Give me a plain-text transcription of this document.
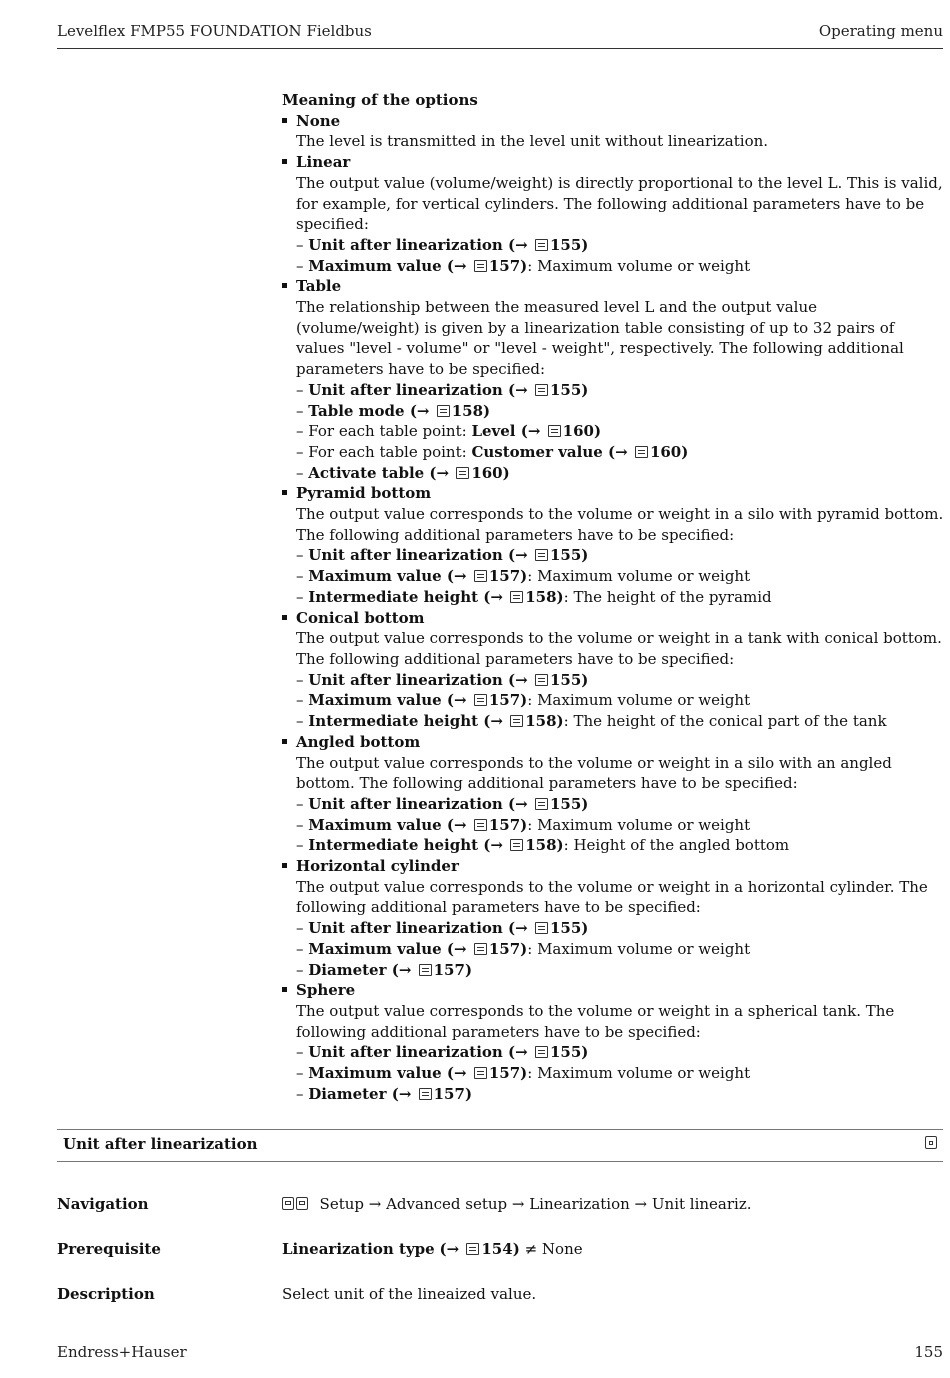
Levelflex FMP55 FOUNDATION Fieldbus	Operating menu
Meaning of the options
None
The level is transmitted in the level unit without linearization.
Linear
The output value (volume/weight) is directly proportional to the level L. This is valid, for example, for vertical cylinders. The following additional parameters have to be specified:
– Unit after linearization (→ 155)
– Maximum value (→ 157): Maximum volume or weight
Table
The relationship between the measured level L and the output value (volume/weight) is given by a linearization table consisting of up to 32 pairs of values "level - volume" or "level - weight", respectively. The following additional parameters have to be specified:
– Unit after linearization (→ 155)
– Table mode (→ 158)
– For each table point: Level (→ 160)
– For each table point: Customer value (→ 160)
– Activate table (→ 160)
Pyramid bottom
The output value corresponds to the volume or weight in a silo with pyramid bottom. The following additional parameters have to be specified:
– Unit after linearization (→ 155)
– Maximum value (→ 157): Maximum volume or weight
– Intermediate height (→ 158): The height of the pyramid
Conical bottom
The output value corresponds to the volume or weight in a tank with conical bottom. The following additional parameters have to be specified:
– Unit after linearization (→ 155)
– Maximum value (→ 157): Maximum volume or weight
– Intermediate height (→ 158): The height of the conical part of the tank
Angled bottom
The output value corresponds to the volume or weight in a silo with an angled bottom. The following additional parameters have to be specified:
– Unit after linearization (→ 155)
– Maximum value (→ 157): Maximum volume or weight
– Intermediate height (→ 158): Height of the angled bottom
Horizontal cylinder
The output value corresponds to the volume or weight in a horizontal cylinder. The following additional parameters have to be specified:
– Unit after linearization (→ 155)
– Maximum value (→ 157): Maximum volume or weight
– Diameter (→ 157)
Sphere
The output value corresponds to the volume or weight in a spherical tank. The following additional parameters have to be specified:
– Unit after linearization (→ 155)
– Maximum value (→ 157): Maximum volume or weight
– Diameter (→ 157)
Unit after linearization
Navigation	Setup → Advanced setup → Linearization → Unit lineariz.
Prerequisite	Linearization type (→ 154) ≠ None
Description	Select unit of the lineaized value.
Endress+Hauser	155
